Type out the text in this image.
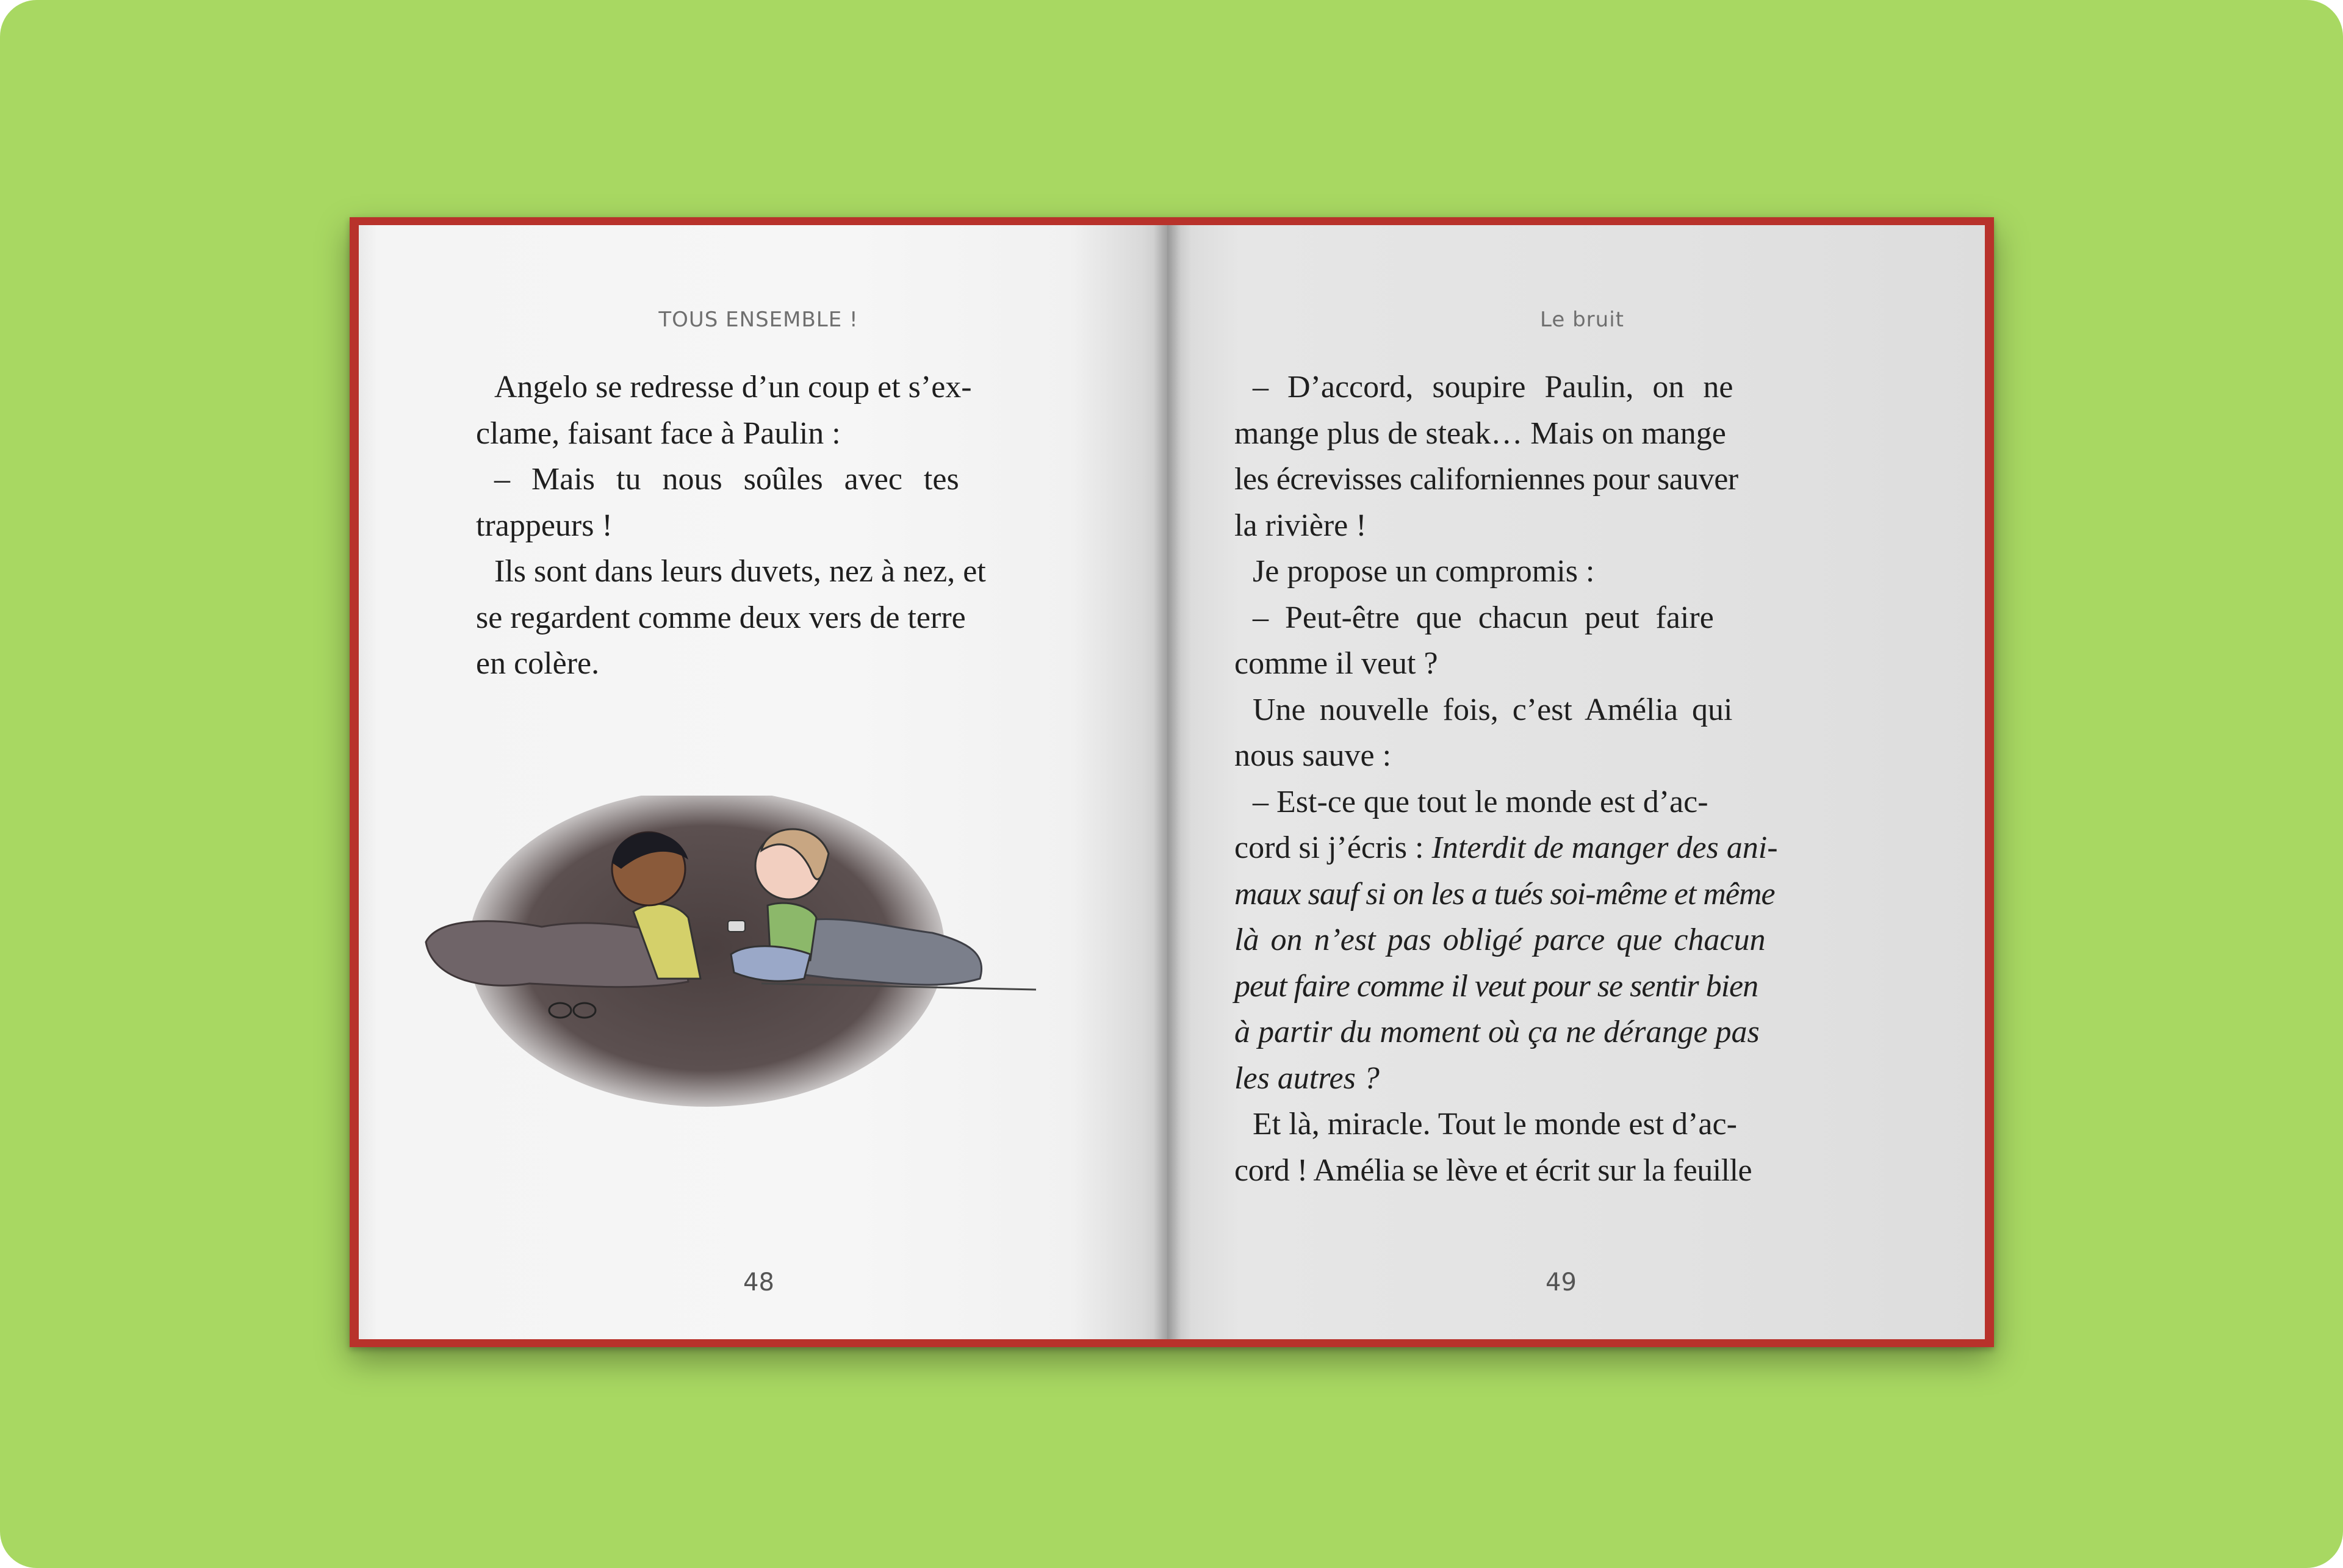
TOUS ENSEMBLE !
Angelo se redresse d’un coup et s’ex-
clame, faisant face à Paulin :
– Mais tu nous soûles avec tes
trappeurs !
Ils sont dans leurs duvets, nez à nez, et
se regardent comme deux vers de terre
en colère.
48
Le bruit
– D’accord, soupire Paulin, on ne
mange plus de steak… Mais on mange
les écrevisses californiennes pour sauver
la rivière !
Je propose un compromis :
– Peut-être que chacun peut faire
comme il veut ?
Une nouvelle fois, c’est Amélia qui
nous sauve :
– Est-ce que tout le monde est d’ac-
cord si j’écris : Interdit de manger des ani-
maux sauf si on les a tués soi-même et même
là on n’est pas obligé parce que chacun
peut faire comme il veut pour se sentir bien
à partir du moment où ça ne dérange pas
les autres ?
Et là, miracle. Tout le monde est d’ac-
cord ! Amélia se lève et écrit sur la feuille
49
